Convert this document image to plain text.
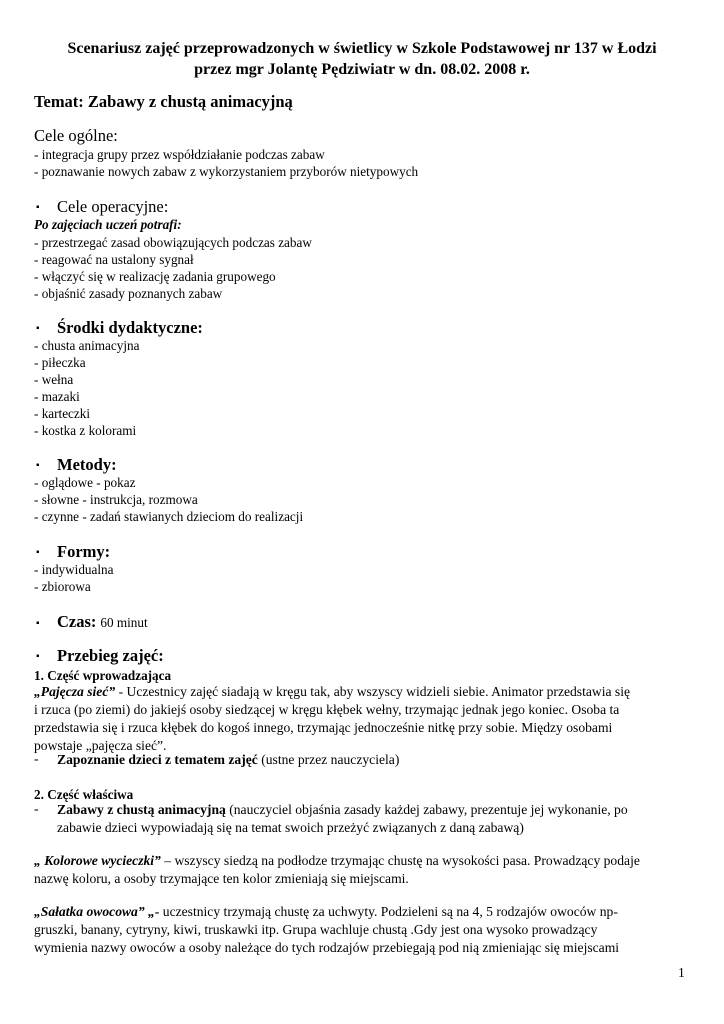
Scenariusz zajęć przeprowadzonych w świetlicy w Szkole Podstawowej nr 137 w Łodzi
przez mgr Jolantę Pędziwiatr w dn. 08.02. 2008 r.
Temat: Zabawy z chustą animacyjną
Cele ogólne:
- integracja grupy przez współdziałanie podczas zabaw
- poznawanie nowych zabaw z wykorzystaniem przyborów nietypowych
▪ Cele operacyjne:
Po zajęciach uczeń potrafi:
- przestrzegać zasad obowiązujących podczas zabaw
- reagować na ustalony sygnał
- włączyć się w realizację zadania grupowego
- objaśnić zasady poznanych zabaw
▪ Środki dydaktyczne:
- chusta animacyjna
- piłeczka
- wełna
- mazaki
- karteczki
- kostka z kolorami
▪ Metody:
- oglądowe - pokaz
- słowne - instrukcja, rozmowa
- czynne - zadań stawianych dzieciom do realizacji
▪ Formy:
- indywidualna
- zbiorowa
▪ Czas: 60 minut
▪ Przebieg zajęć:
1. Część wprowadzająca
„Pajęcza sieć” - Uczestnicy zajęć siadają w kręgu tak, aby wszyscy widzieli siebie. Animator przedstawia się
i rzuca (po ziemi) do jakiejś osoby siedzącej w kręgu kłębek wełny, trzymając jednak jego koniec. Osoba ta
przedstawia się i rzuca kłębek do kogoś innego, trzymając jednocześnie nitkę przy sobie. Między osobami
powstaje „pajęcza sieć”.
- Zapoznanie dzieci z tematem zajęć (ustne przez nauczyciela)
2. Część właściwa
- Zabawy z chustą animacyjną (nauczyciel objaśnia zasady każdej zabawy, prezentuje jej wykonanie, po
zabawie dzieci wypowiadają się na temat swoich przeżyć związanych z daną zabawą)
„ Kolorowe wycieczki” – wszyscy siedzą na podłodze trzymając chustę na wysokości pasa. Prowadzący podaje
nazwę koloru, a osoby trzymające ten kolor zmieniają się miejscami.
„Sałatka owocowa” „- uczestnicy trzymają chustę za uchwyty. Podzieleni są na 4, 5 rodzajów owoców np-
gruszki, banany, cytryny, kiwi, truskawki itp. Grupa wachluje chustą .Gdy jest ona wysoko prowadzący
wymienia nazwy owoców a osoby należące do tych rodzajów przebiegają pod nią zmieniając się miejscami
1
